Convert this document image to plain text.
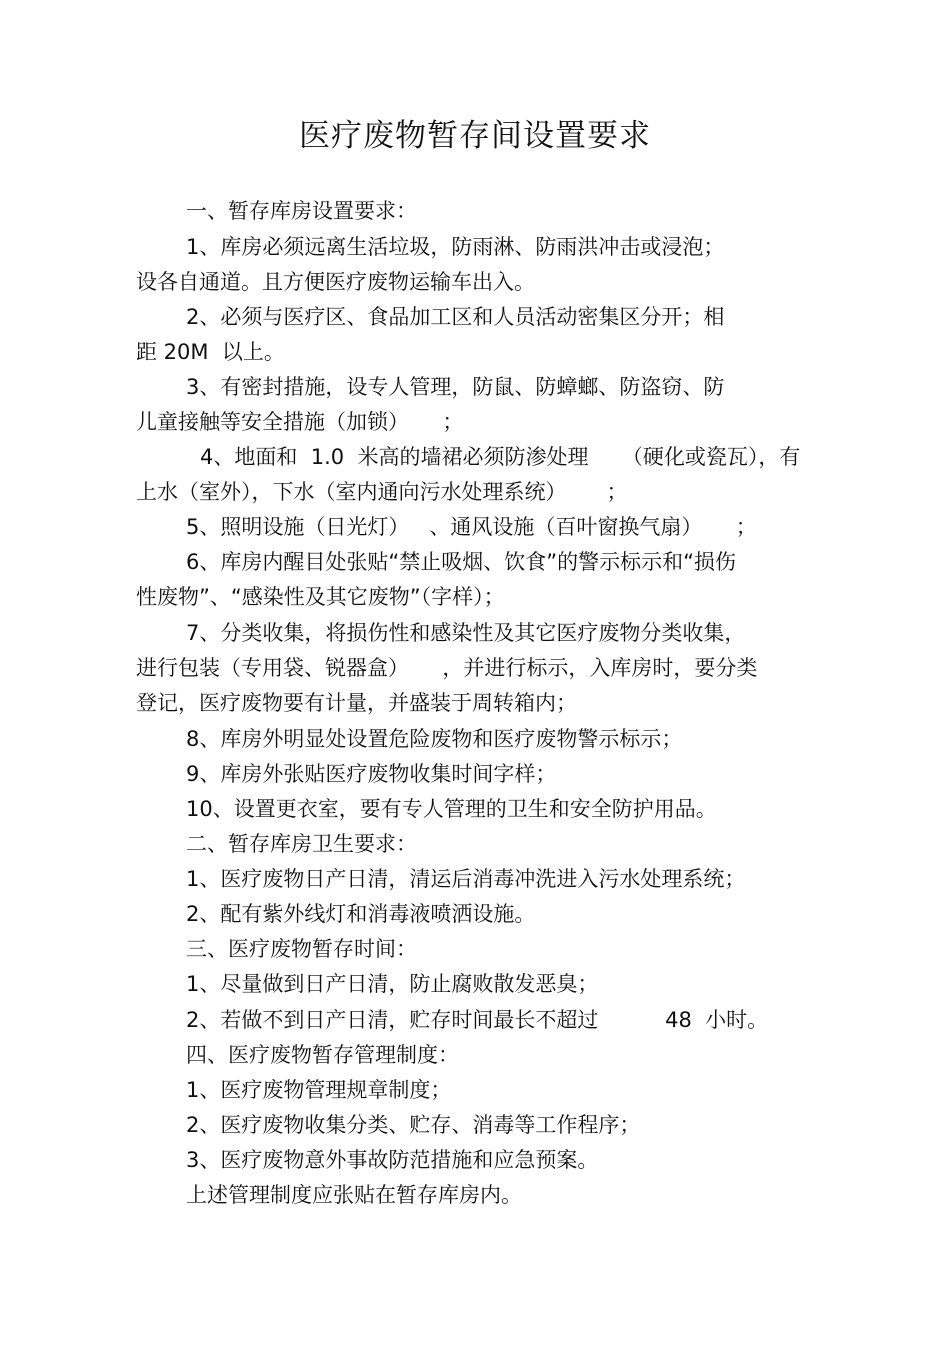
医疗废物暂存间设置要求
一、暂存库房设置要求：
1、库房必须远离生活垃圾，防雨淋、防雨洪冲击或浸泡；
设各自通道。且方便医疗废物运输车出入。
2、必须与医疗区、食品加工区和人员活动密集区分开；相
距 20M  以上。
3、有密封措施，设专人管理，防鼠、防蟑螂、防盗窃、防
儿童接触等安全措施（加锁）     ；
4、地面和  1.0  米高的墙裙必须防渗处理     （硬化或瓷瓦），有
上水（室外），下水（室内通向污水处理系统）      ；
5、照明设施（日光灯）   、通风设施（百叶窗换气扇）     ；
6、库房内醒目处张贴“禁止吸烟、饮食”的警示标示和“损伤
性废物”、“感染性及其它废物”（字样）；
7、分类收集，将损伤性和感染性及其它医疗废物分类收集，
进行包装（专用袋、锐器盒）     ，并进行标示，入库房时，要分类
登记，医疗废物要有计量，并盛装于周转箱内；
8、库房外明显处设置危险废物和医疗废物警示标示；
9、库房外张贴医疗废物收集时间字样；
10、设置更衣室，要有专人管理的卫生和安全防护用品。
二、暂存库房卫生要求：
1、医疗废物日产日清，清运后消毒冲洗进入污水处理系统；
2、配有紫外线灯和消毒液喷洒设施。
三、医疗废物暂存时间：
1、尽量做到日产日清，防止腐败散发恶臭；
2、若做不到日产日清，贮存时间最长不超过          48  小时。
四、医疗废物暂存管理制度：
1、医疗废物管理规章制度；
2、医疗废物收集分类、贮存、消毒等工作程序；
3、医疗废物意外事故防范措施和应急预案。
上述管理制度应张贴在暂存库房内。
